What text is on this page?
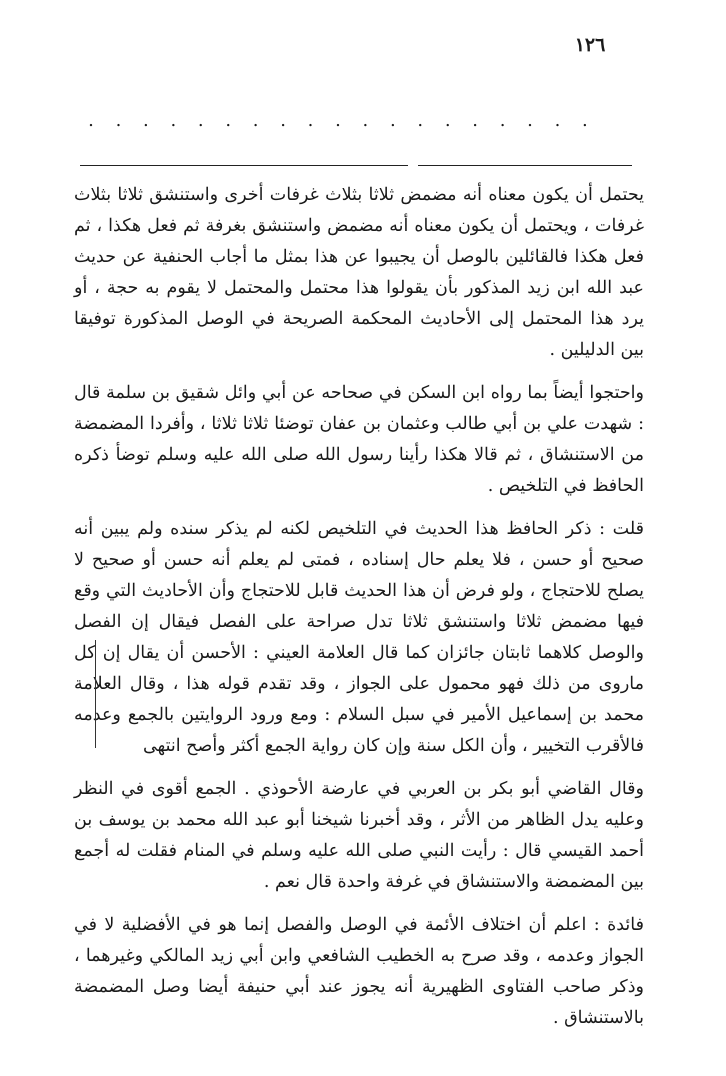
١٢٦
. . . . . . . . . . . . . . . . . . .

يحتمل أن يكون معناه أنه مضمض ثلاثا بثلاث غرفات أخرى واستنشق ثلاثا بثلاث غرفات ، ويحتمل أن يكون معناه أنه مضمض واستنشق بغرفة ثم فعل هكذا ، ثم فعل هكذا فالقائلين بالوصل أن يجيبوا عن هذا بمثل ما أجاب الحنفية عن حديث عبد الله ابن زيد المذكور بأن يقولوا هذا محتمل والمحتمل لا يقوم به حجة ، أو يرد هذا المحتمل إلى الأحاديث المحكمة الصريحة في الوصل المذكورة توفيقا بين الدليلين .

واحتجوا أيضاً بما رواه ابن السكن في صحاحه عن أبي وائل شقيق بن سلمة قال : شهدت علي بن أبي طالب وعثمان بن عفان توضئا ثلاثا ثلاثا ، وأفردا المضمضة من الاستنشاق ، ثم قالا هكذا رأينا رسول الله صلى الله عليه وسلم توضأ ذكره الحافظ في التلخيص .

قلت : ذكر الحافظ هذا الحديث في التلخيص لكنه لم يذكر سنده ولم يبين أنه صحيح أو حسن ، فلا يعلم حال إسناده ، فمتى لم يعلم أنه حسن أو صحيح لا يصلح للاحتجاج ، ولو فرض أن هذا الحديث قابل للاحتجاج وأن الأحاديث التي وقع فيها مضمض ثلاثا واستنشق ثلاثا تدل صراحة على الفصل فيقال إن الفصل والوصل كلاهما ثابتان جائزان كما قال العلامة العيني : الأحسن أن يقال إن كل ماروى من ذلك فهو محمول على الجواز ، وقد تقدم قوله هذا ، وقال العلامة محمد بن إسماعيل الأمير في سبل السلام : ومع ورود الروايتين بالجمع وعدمه فالأقرب التخيير ، وأن الكل سنة وإن كان رواية الجمع أكثر وأصح انتهى

وقال القاضي أبو بكر بن العربي في عارضة الأحوذي . الجمع أقوى في النظر وعليه يدل الظاهر من الأثر ، وقد أخبرنا شيخنا أبو عبد الله محمد بن يوسف بن أحمد القيسي قال : رأيت النبي صلى الله عليه وسلم في المنام فقلت له أجمع بين المضمضة والاستنشاق في غرفة واحدة قال نعم .

فائدة : اعلم أن اختلاف الأئمة في الوصل والفصل إنما هو في الأفضلية لا في الجواز وعدمه ، وقد صرح به الخطيب الشافعي وابن أبي زيد المالكي وغيرهما ، وذكر صاحب الفتاوى الظهيرية أنه يجوز عند أبي حنيفة أيضا وصل المضمضة بالاستنشاق .
